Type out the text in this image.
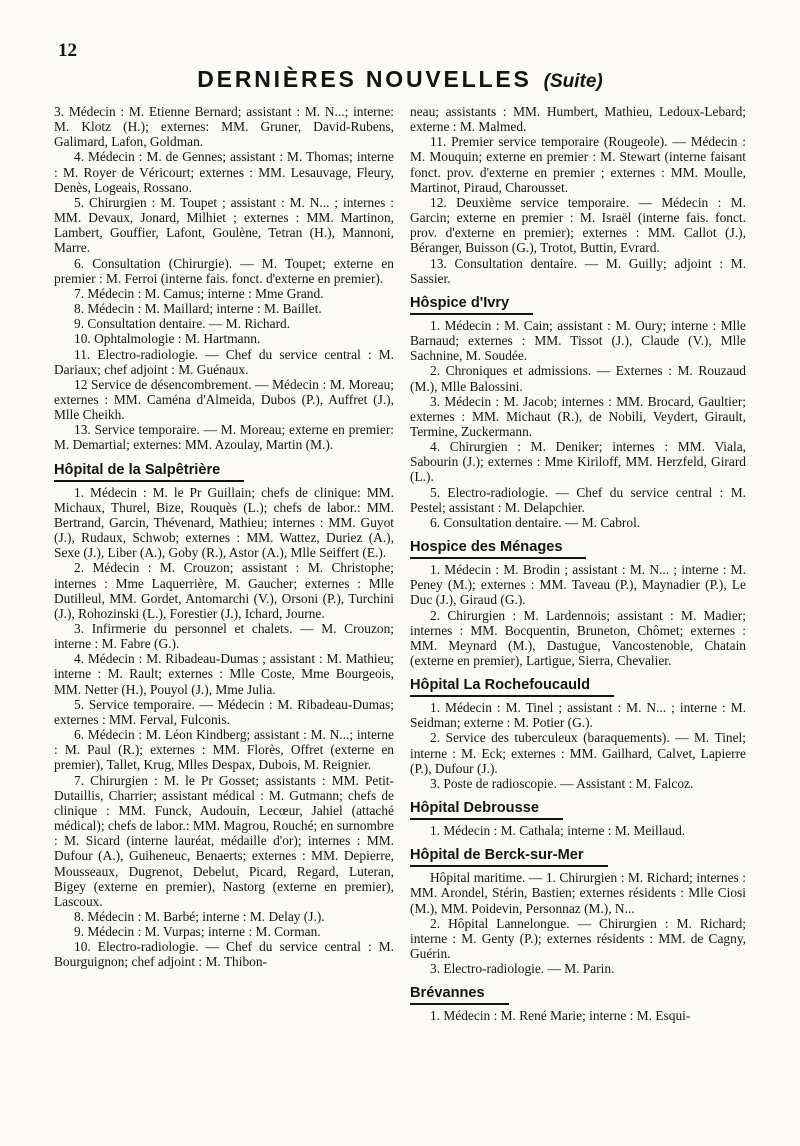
12
DERNIÈRES NOUVELLES (Suite)

3. Médecin : M. Etienne Bernard; assistant : M. N...; interne: M. Klotz (H.); externes: MM. Gruner, David-Rubens, Galimard, Lafon, Goldman.

4. Médecin : M. de Gennes; assistant : M. Thomas; interne : M. Royer de Véricourt; externes : MM. Lesauvage, Fleury, Denès, Logeais, Rossano.

5. Chirurgien : M. Toupet ; assistant : M. N... ; internes : MM. Devaux, Jonard, Milhiet ; externes : MM. Martinon, Lambert, Gouffier, Lafont, Goulène, Tetran (H.), Mannoni, Marre.

6. Consultation (Chirurgie). — M. Toupet; externe en premier : M. Ferroi (interne fais. fonct. d'externe en premier).

7. Médecin : M. Camus; interne : Mme Grand.

8. Médecin : M. Maillard; interne : M. Baillet.

9. Consultation dentaire. — M. Richard.

10. Ophtalmologie : M. Hartmann.

11. Electro-radiologie. — Chef du service central : M. Dariaux; chef adjoint : M. Guénaux.

12 Service de désencombrement. — Médecin : M. Moreau; externes : MM. Caména d'Almeida, Dubos (P.), Auffret (J.), Mlle Cheikh.

13. Service temporaire. — M. Moreau; externe en premier: M. Demartial; externes: MM. Azoulay, Martin (M.).

Hôpital de la Salpêtrière

1. Médecin : M. le Pr Guillain; chefs de clinique: MM. Michaux, Thurel, Bize, Rouquès (L.); chefs de labor.: MM. Bertrand, Garcin, Thévenard, Mathieu; internes : MM. Guyot (J.), Rudaux, Schwob; externes : MM. Wattez, Duriez (A.), Sexe (J.), Liber (A.), Goby (R.), Astor (A.), Mlle Seiffert (E.).

2. Médecin : M. Crouzon; assistant : M. Christophe; internes : Mme Laquerrière, M. Gaucher; externes : Mlle Dutilleul, MM. Gordet, Antomarchi (V.), Orsoni (P.), Turchini (J.), Rohozinski (L.), Forestier (J.), Ichard, Journe.

3. Infirmerie du personnel et chalets. — M. Crouzon; interne : M. Fabre (G.).

4. Médecin : M. Ribadeau-Dumas ; assistant : M. Mathieu; interne : M. Rault; externes : Mlle Coste, Mme Bourgeois, MM. Netter (H.), Pouyol (J.), Mme Julia.

5. Service temporaire. — Médecin : M. Ribadeau-Dumas; externes : MM. Ferval, Fulconis.

6. Médecin : M. Léon Kindberg; assistant : M. N...; interne : M. Paul (R.); externes : MM. Florès, Offret (externe en premier), Tallet, Krug, Mlles Despax, Dubois, M. Reignier.

7. Chirurgien : M. le Pr Gosset; assistants : MM. Petit-Dutaillis, Charrier; assistant médical : M. Gutmann; chefs de clinique : MM. Funck, Audouin, Lecœur, Jahiel (attaché médical); chefs de labor.: MM. Magrou, Rouché; en surnombre : M. Sicard (interne lauréat, médaille d'or); internes : MM. Dufour (A.), Guiheneuc, Benaerts; externes : MM. Depierre, Mousseaux, Dugrenot, Debelut, Picard, Regard, Luteran, Bigey (externe en premier), Nastorg (externe en premier), Lascoux.

8. Médecin : M. Barbé; interne : M. Delay (J.).

9. Médecin : M. Vurpas; interne : M. Corman.

10. Electro-radiologie. — Chef du service central : M. Bourguignon; chef adjoint : M. Thibon-

neau; assistants : MM. Humbert, Mathieu, Ledoux-Lebard; externe : M. Malmed.

11. Premier service temporaire (Rougeole). — Médecin : M. Mouquin; externe en premier : M. Stewart (interne faisant fonct. prov. d'externe en premier ; externes : MM. Moulle, Martinot, Piraud, Charousset.

12. Deuxième service temporaire. — Médecin : M. Garcin; externe en premier : M. Israël (interne fais. fonct. prov. d'externe en premier); externes : MM. Callot (J.), Béranger, Buisson (G.), Trotot, Buttin, Evrard.

13. Consultation dentaire. — M. Guilly; adjoint : M. Sassier.

Hôspice d'Ivry

1. Médecin : M. Cain; assistant : M. Oury; interne : Mlle Barnaud; externes : MM. Tissot (J.), Claude (V.), Mlle Sachnine, M. Soudée.

2. Chroniques et admissions. — Externes : M. Rouzaud (M.), Mlle Balossini.

3. Médecin : M. Jacob; internes : MM. Brocard, Gaultier; externes : MM. Michaut (R.), de Nobili, Veydert, Girault, Termine, Zuckermann.

4. Chirurgien : M. Deniker; internes : MM. Viala, Sabourin (J.); externes : Mme Kiriloff, MM. Herzfeld, Girard (L.).

5. Electro-radiologie. — Chef du service central : M. Pestel; assistant : M. Delapchier.

6. Consultation dentaire. — M. Cabrol.

Hospice des Ménages

1. Médecin : M. Brodin ; assistant : M. N... ; interne : M. Peney (M.); externes : MM. Taveau (P.), Maynadier (P.), Le Duc (J.), Giraud (G.).

2. Chirurgien : M. Lardennois; assistant : M. Madier; internes : MM. Bocquentin, Bruneton, Chômet; externes : MM. Meynard (M.), Dastugue, Vancostenoble, Chatain (externe en premier), Lartigue, Sierra, Chevalier.

Hôpital La Rochefoucauld

1. Médecin : M. Tinel ; assistant : M. N... ; interne : M. Seidman; externe : M. Potier (G.).

2. Service des tuberculeux (baraquements). — M. Tinel; interne : M. Eck; externes : MM. Gailhard, Calvet, Lapierre (P.), Dufour (J.).

3. Poste de radioscopie. — Assistant : M. Falcoz.

Hôpital Debrousse

1. Médecin : M. Cathala; interne : M. Meillaud.

Hôpital de Berck-sur-Mer

Hôpital maritime. — 1. Chirurgien : M. Richard; internes : MM. Arondel, Stérin, Bastien; externes résidents : Mlle Ciosi (M.), MM. Poidevin, Personnaz (M.), N...

2. Hôpital Lannelongue. — Chirurgien : M. Richard; interne : M. Genty (P.); externes résidents : MM. de Cagny, Guérin.

3. Electro-radiologie. — M. Parin.

Brévannes

1. Médecin : M. René Marie; interne : M. Esqui-
